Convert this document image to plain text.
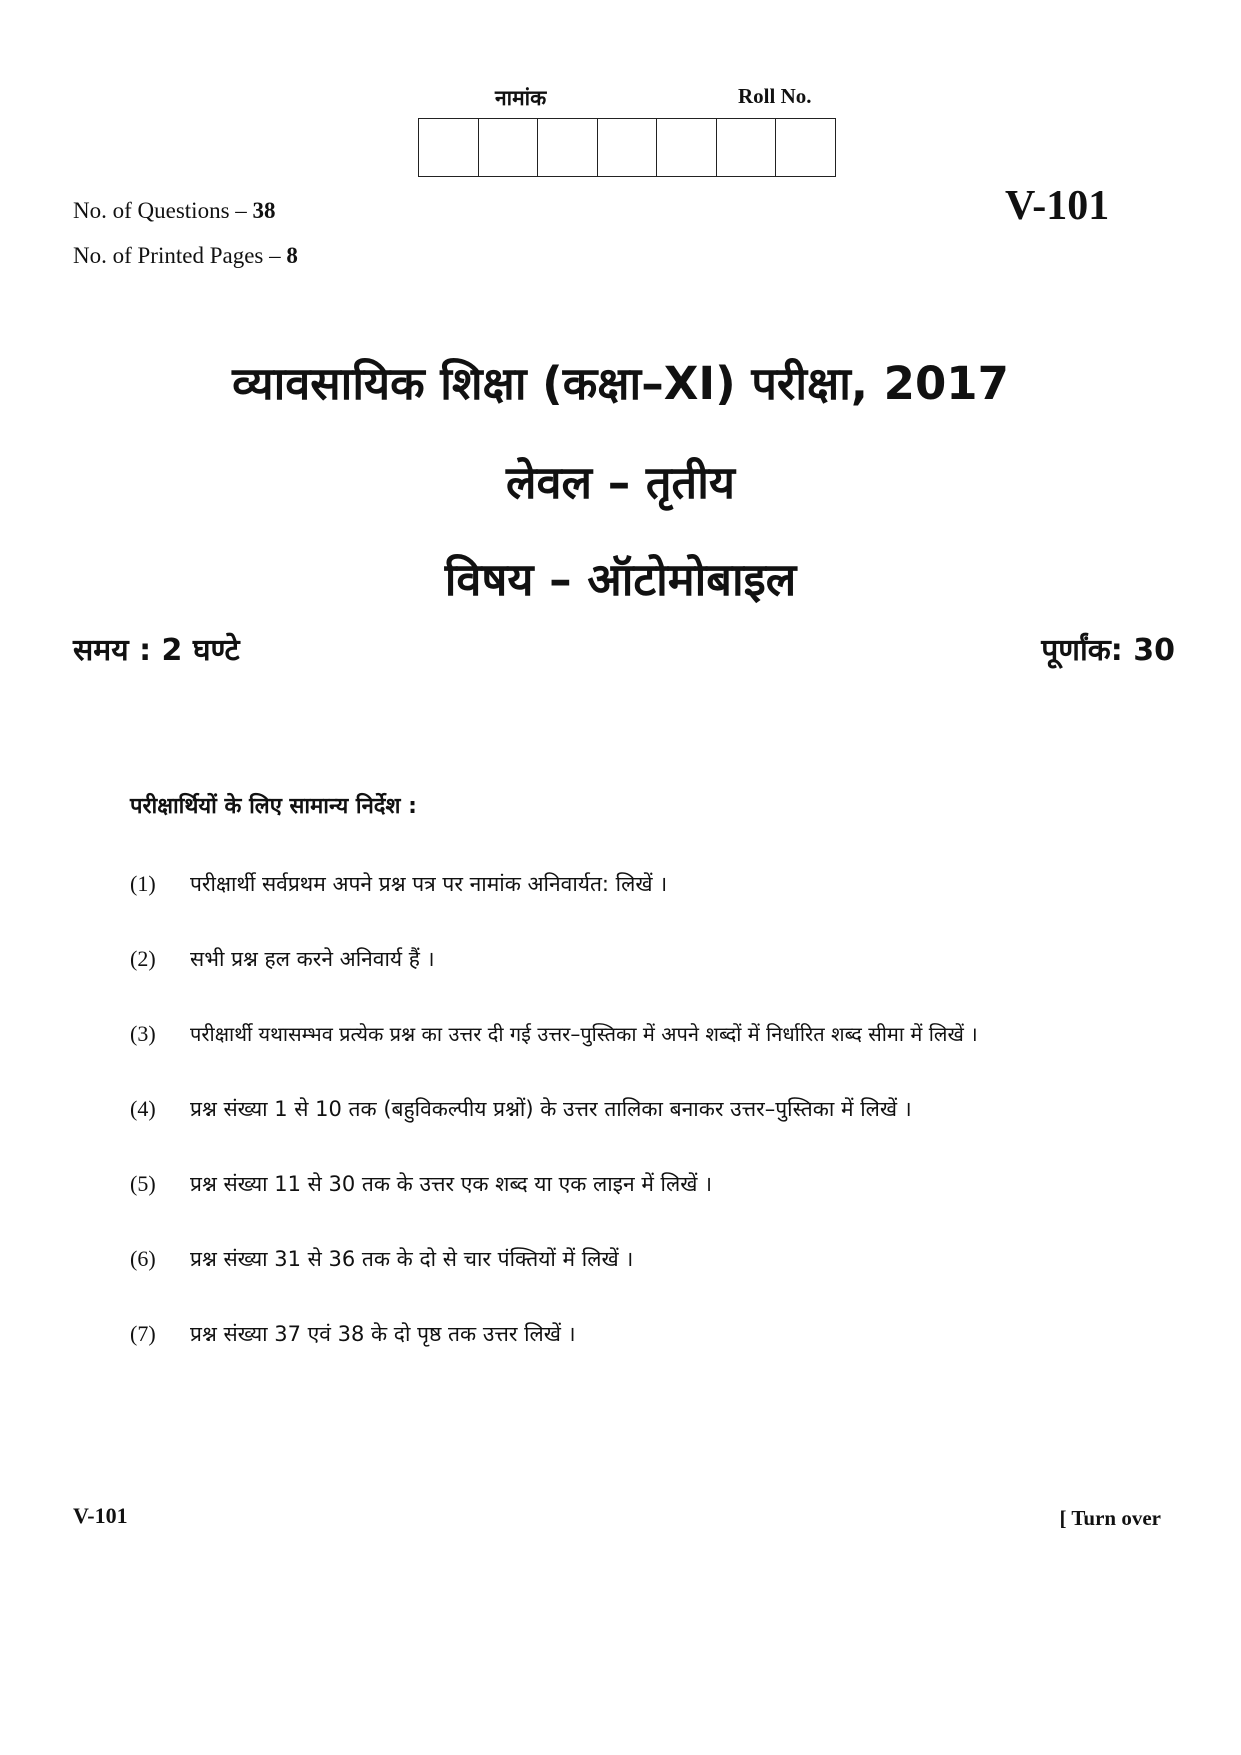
नामांक	Roll No.
No. of Questions – 38
No. of Printed Pages – 8
V-101
व्यावसायिक शिक्षा (कक्षा–XI) परीक्षा, 2017
लेवल – तृतीय
विषय – ऑटोमोबाइल
समय : 2 घण्टे	पूर्णांक: 30
परीक्षार्थियों के लिए सामान्य निर्देश :
(1)	परीक्षार्थी सर्वप्रथम अपने प्रश्न पत्र पर नामांक अनिवार्यत: लिखें ।
(2)	सभी प्रश्न हल करने अनिवार्य हैं ।
(3)	परीक्षार्थी यथासम्भव प्रत्येक प्रश्न का उत्तर दी गई उत्तर–पुस्तिका में अपने शब्दों में निर्धारित शब्द सीमा में लिखें ।
(4)	प्रश्न संख्या 1 से 10 तक (बहुविकल्पीय प्रश्नों) के उत्तर तालिका बनाकर उत्तर–पुस्तिका में लिखें ।
(5)	प्रश्न संख्या 11 से 30 तक के उत्तर एक शब्द या एक लाइन में लिखें ।
(6)	प्रश्न संख्या 31 से 36 तक के दो से चार पंक्तियों में लिखें ।
(7)	प्रश्न संख्या 37 एवं 38 के दो पृष्ठ तक उत्तर लिखें ।
V-101	[ Turn over
